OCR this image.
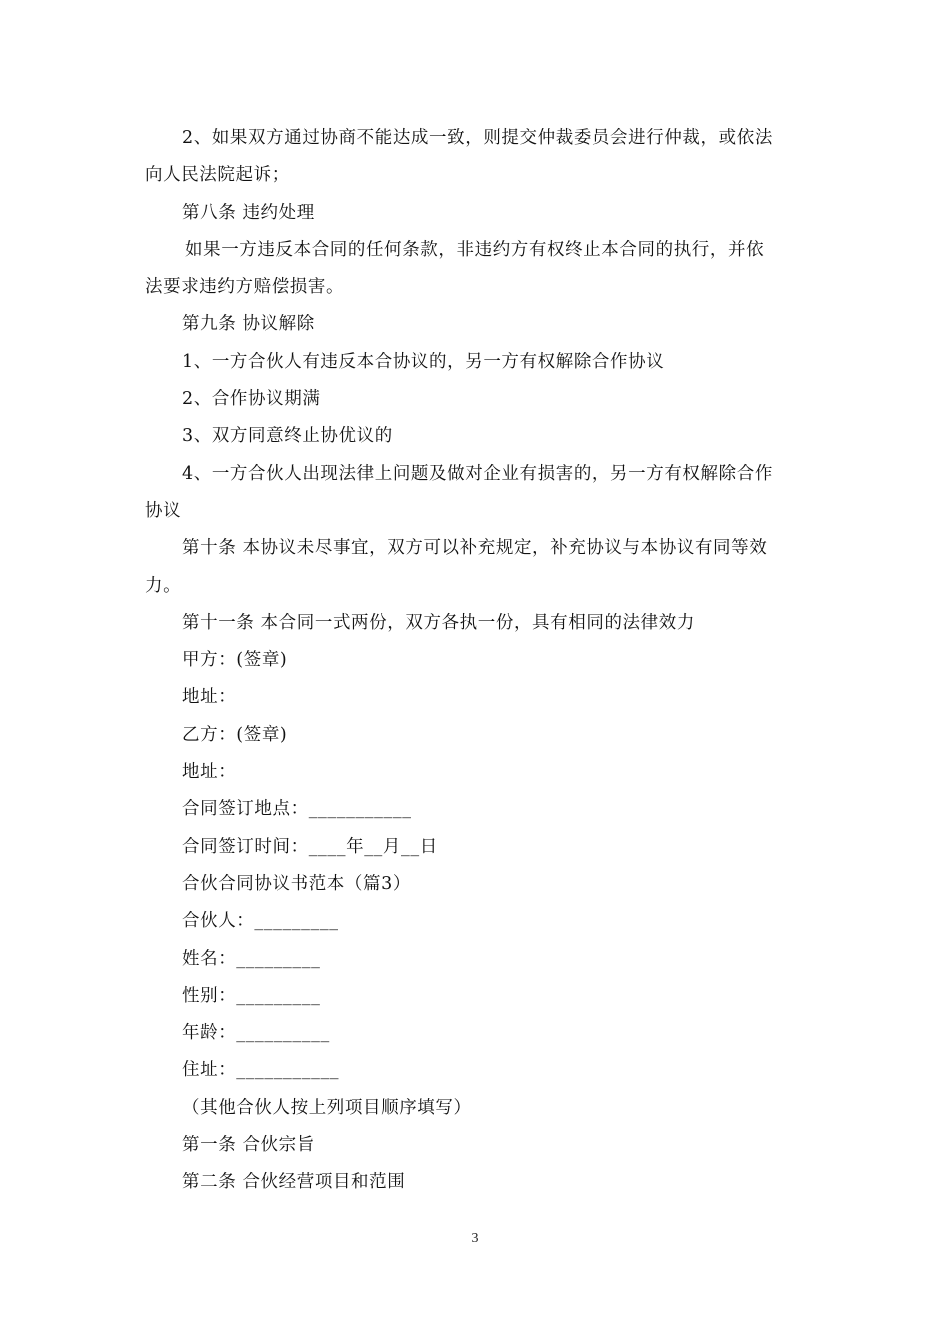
2、如果双方通过协商不能达成一致，则提交仲裁委员会进行仲裁，或依法
向人民法院起诉；
第八条 违约处理
如果一方违反本合同的任何条款，非违约方有权终止本合同的执行，并依
法要求违约方赔偿损害。
第九条 协议解除
1、一方合伙人有违反本合协议的，另一方有权解除合作协议
2、合作协议期满
3、双方同意终止协优议的
4、一方合伙人出现法律上问题及做对企业有损害的，另一方有权解除合作
协议
第十条 本协议未尽事宜，双方可以补充规定，补充协议与本协议有同等效
力。
第十一条 本合同一式两份，双方各执一份，具有相同的法律效力
甲方：(签章)
地址：
乙方：(签章)
地址：
合同签订地点：___________
合同签订时间：____年__月__日
合伙合同协议书范本（篇3）
合伙人：_________
姓名：_________
性别：_________
年龄：__________
住址：___________
（其他合伙人按上列项目顺序填写）
第一条 合伙宗旨
第二条 合伙经营项目和范围
3
